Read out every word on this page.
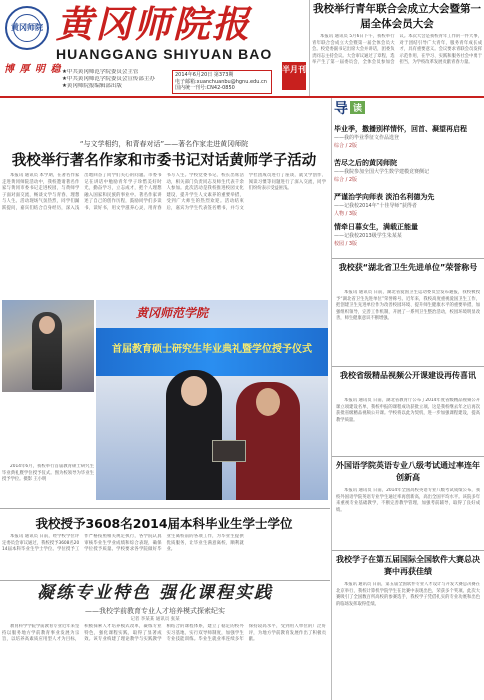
黄冈师院 黄冈师院报
HUANGGANG SHIYUAN BAO
博 厚 明 稳 ★中共黄冈师范学院委员会主管
★中共黄冈师范学院委员会宣传部主办
★黄冈师院报编辑部出版
2014年6月20日 第373期
电子邮箱:xuanchuanbu@hgnu.edu.cn
国内统一刊号:CN42-0850
半月刊
我校举行青年联合会成立大会暨第一届全体会员大会

本报讯 通讯员 5月6日下午，我校举行青年联合会成立大会暨第一届全体会员大会。校党委副书记出席大会并讲话，团委负责同志主持会议。大会审议通过了章程，选举产生了第一届委员会，全体会员参加会议。本次大会是我校青年工作的一件大事，对于团结引导广大青年，服务青年成长成才，具有重要意义。会议要求青联会员发挥示范作用，在学习、实践和服务社会中勇于担当，为学校改革发展贡献青春力量。

“与文学相约，和青春对话”——著名作家走进黄冈师院
我校举行著名作家和市委书记对话黄师学子活动

本报讯 通讯员 本学期，在著名作家走进黄冈师院活动中，我校邀请著名作家与黄冈市委书记走进校园，与黄师学子面对面交流，畅谈文学与青春、理想与人生。活动现场气氛热烈，同学们踊跃提问，嘉宾们结合自身经历，深入浅出地回答了同学们关心的问题。市委书记在讲话中勉励青年学子珍惜美好时光，勤奋学习，立志成才，把个人理想融入国家和民族的事业中。著名作家讲述了自己的创作历程，鼓励同学们多读书、读好书，用文学滋养心灵，用青春书写人生。学校党委书记、校长出席活动，相关部门负责同志及师生代表千余人参加。此次活动是我校推进校园文化建设、提升学生人文素养的重要举措，受到广大师生的热烈欢迎。活动结束后，嘉宾为学生代表签名赠书，并与文学社团成员进行了座谈，就文学创作、阅读习惯等问题进行了深入交流，同学们纷纷表示受益匪浅。

2014年6月，我校举行首届教育硕士研究生毕业典礼暨学位授予仪式。图为校领导为毕业生授予学位。摄影 王小明

黄冈师范学院
首届教育硕士研究生毕业典礼暨学位授予仪式
我校授予3608名2014届本科毕业生学士学位

本报讯 通讯员 日前，经学校学位评定委员会审议通过，我校授予3608名2014届本科毕业生学士学位。学位授予工作严格按照相关规定执行，各学院认真审核毕业生学业成绩和综合表现，确保学位授予质量。学校要求各学院做好毕业生离校前的各项工作，为毕业生提供优质服务，让毕业生满意离校、顺利就业。

凝练专业特色 强化课程实践
——我校学前教育专业人才培养模式探索纪实
记者 李某某 通讯员 张某

教育科学学院学前教育专业近年来坚持以服务地方学前教育事业发展为宗旨，以培养高素质应用型人才为目标，积极探索人才培养模式改革，凝练专业特色，强化课程实践，取得了显著成效。该专业构建了理论教学与实践教学相结合的课程体系，建立了稳定的校外实习基地，实行双导师制度，加强学生专业技能训练。毕业生就业率连续多年保持较高水平，受到用人单位的广泛好评，为地方学前教育发展作出了积极贡献。

导 读
毕业季，撒播别样情怀，回首、凝望再启程
——我的毕业季征文作品选登
综合 / 2版
苦尽之后的黄冈师院
——我院参加全国大学生数学建模竞赛侧记
综合 / 2版
严谨治学向师表 淡泊名利德为先
——记我校2014年“十佳导师”获得者
人物 / 3版
情牵日暮女生，满载正能量
——记我校2013级学生朱某某
校园 / 3版
我校获“湖北省卫生先进单位”荣誉称号

本报讯 通讯员 日前，湖北省爱国卫生运动委员会发布通报，我校被授予“湖北省卫生先进单位”荣誉称号。近年来，我校高度重视爱国卫生工作，把创建卫生先进单位作为改善校园环境、提升师生健康水平的重要举措，加强组织领导，完善工作机制，开展了一系列卫生整治活动，校园环境明显改善，师生健康意识不断增强。

我校省级精品视频公开课建设再传喜讯

本报讯 通讯员 日前，湖北省教育厅公布了2014年度省级精品视频公开课立项建设名单，我校申报的课程成功获批立项。这是我校继去年之后再次获批省级精品视频公开课。学校将以此为契机，进一步加强课程建设，提高教学质量。

外国语学院英语专业八级考试通过率连年创新高

本报讯 通讯员 日前，2014年全国高校英语专业八级考试成绩公布，我校外国语学院英语专业学生通过率再创新高，高出全国平均水平。该院多年来重视专业基础教学，不断完善教学管理，加强考前辅导，取得了良好成绩。

我校学子在第五届国际全国软件大赛总决赛中再获佳绩

本报讯 通讯员 日前，第五届全国软件专业人才设计与开发大赛总决赛在北京举行，我校计算机学院学生在比赛中表现出色，荣获多个奖项。此次大赛吸引了全国数百所高校的参赛选手，我校学子凭借扎实的专业功底和出色的临场发挥取得佳绩。
